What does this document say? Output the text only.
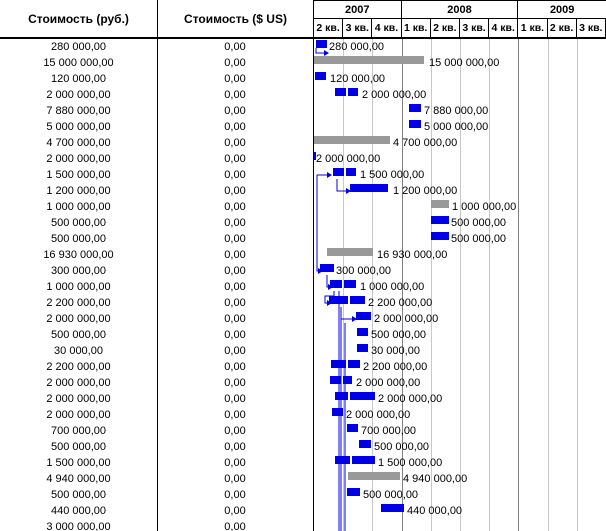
Стоимость (руб.)	Стоимость ($ US)
2007	2008	2009
2 кв. 3 кв. 4 кв. 1 кв. 2 кв. 3 кв. 4 кв. 1 кв. 2 кв. 3 кв.
280 000,00	0,00
15 000 000,00	0,00
120 000,00	0,00
2 000 000,00	0,00
7 880 000,00	0,00
5 000 000,00	0,00
4 700 000,00	0,00
2 000 000,00	0,00
1 500 000,00	0,00
1 200 000,00	0,00
1 000 000,00	0,00
500 000,00	0,00
500 000,00	0,00
16 930 000,00	0,00
300 000,00	0,00
1 000 000,00	0,00
2 200 000,00	0,00
2 000 000,00	0,00
500 000,00	0,00
30 000,00	0,00
2 200 000,00	0,00
2 000 000,00	0,00
2 000 000,00	0,00
2 000 000,00	0,00
700 000,00	0,00
500 000,00	0,00
1 500 000,00	0,00
4 940 000,00	0,00
500 000,00	0,00
440 000,00	0,00
3 000 000,00	0,00
280 000,00
15 000 000,00
120 000,00
2 000 000,00
7 880 000,00
5 000 000,00
4 700 000,00
2 000 000,00
1 500 000,00
1 200 000,00
1 000 000,00
500 000,00
500 000,00
16 930 000,00
300 000,00
1 000 000,00
2 200 000,00
2 000 000,00
500 000,00
30 000,00
2 200 000,00
2 000 000,00
2 000 000,00
2 000 000,00
700 000,00
500 000,00
1 500 000,00
4 940 000,00
500 000,00
440 000,00
